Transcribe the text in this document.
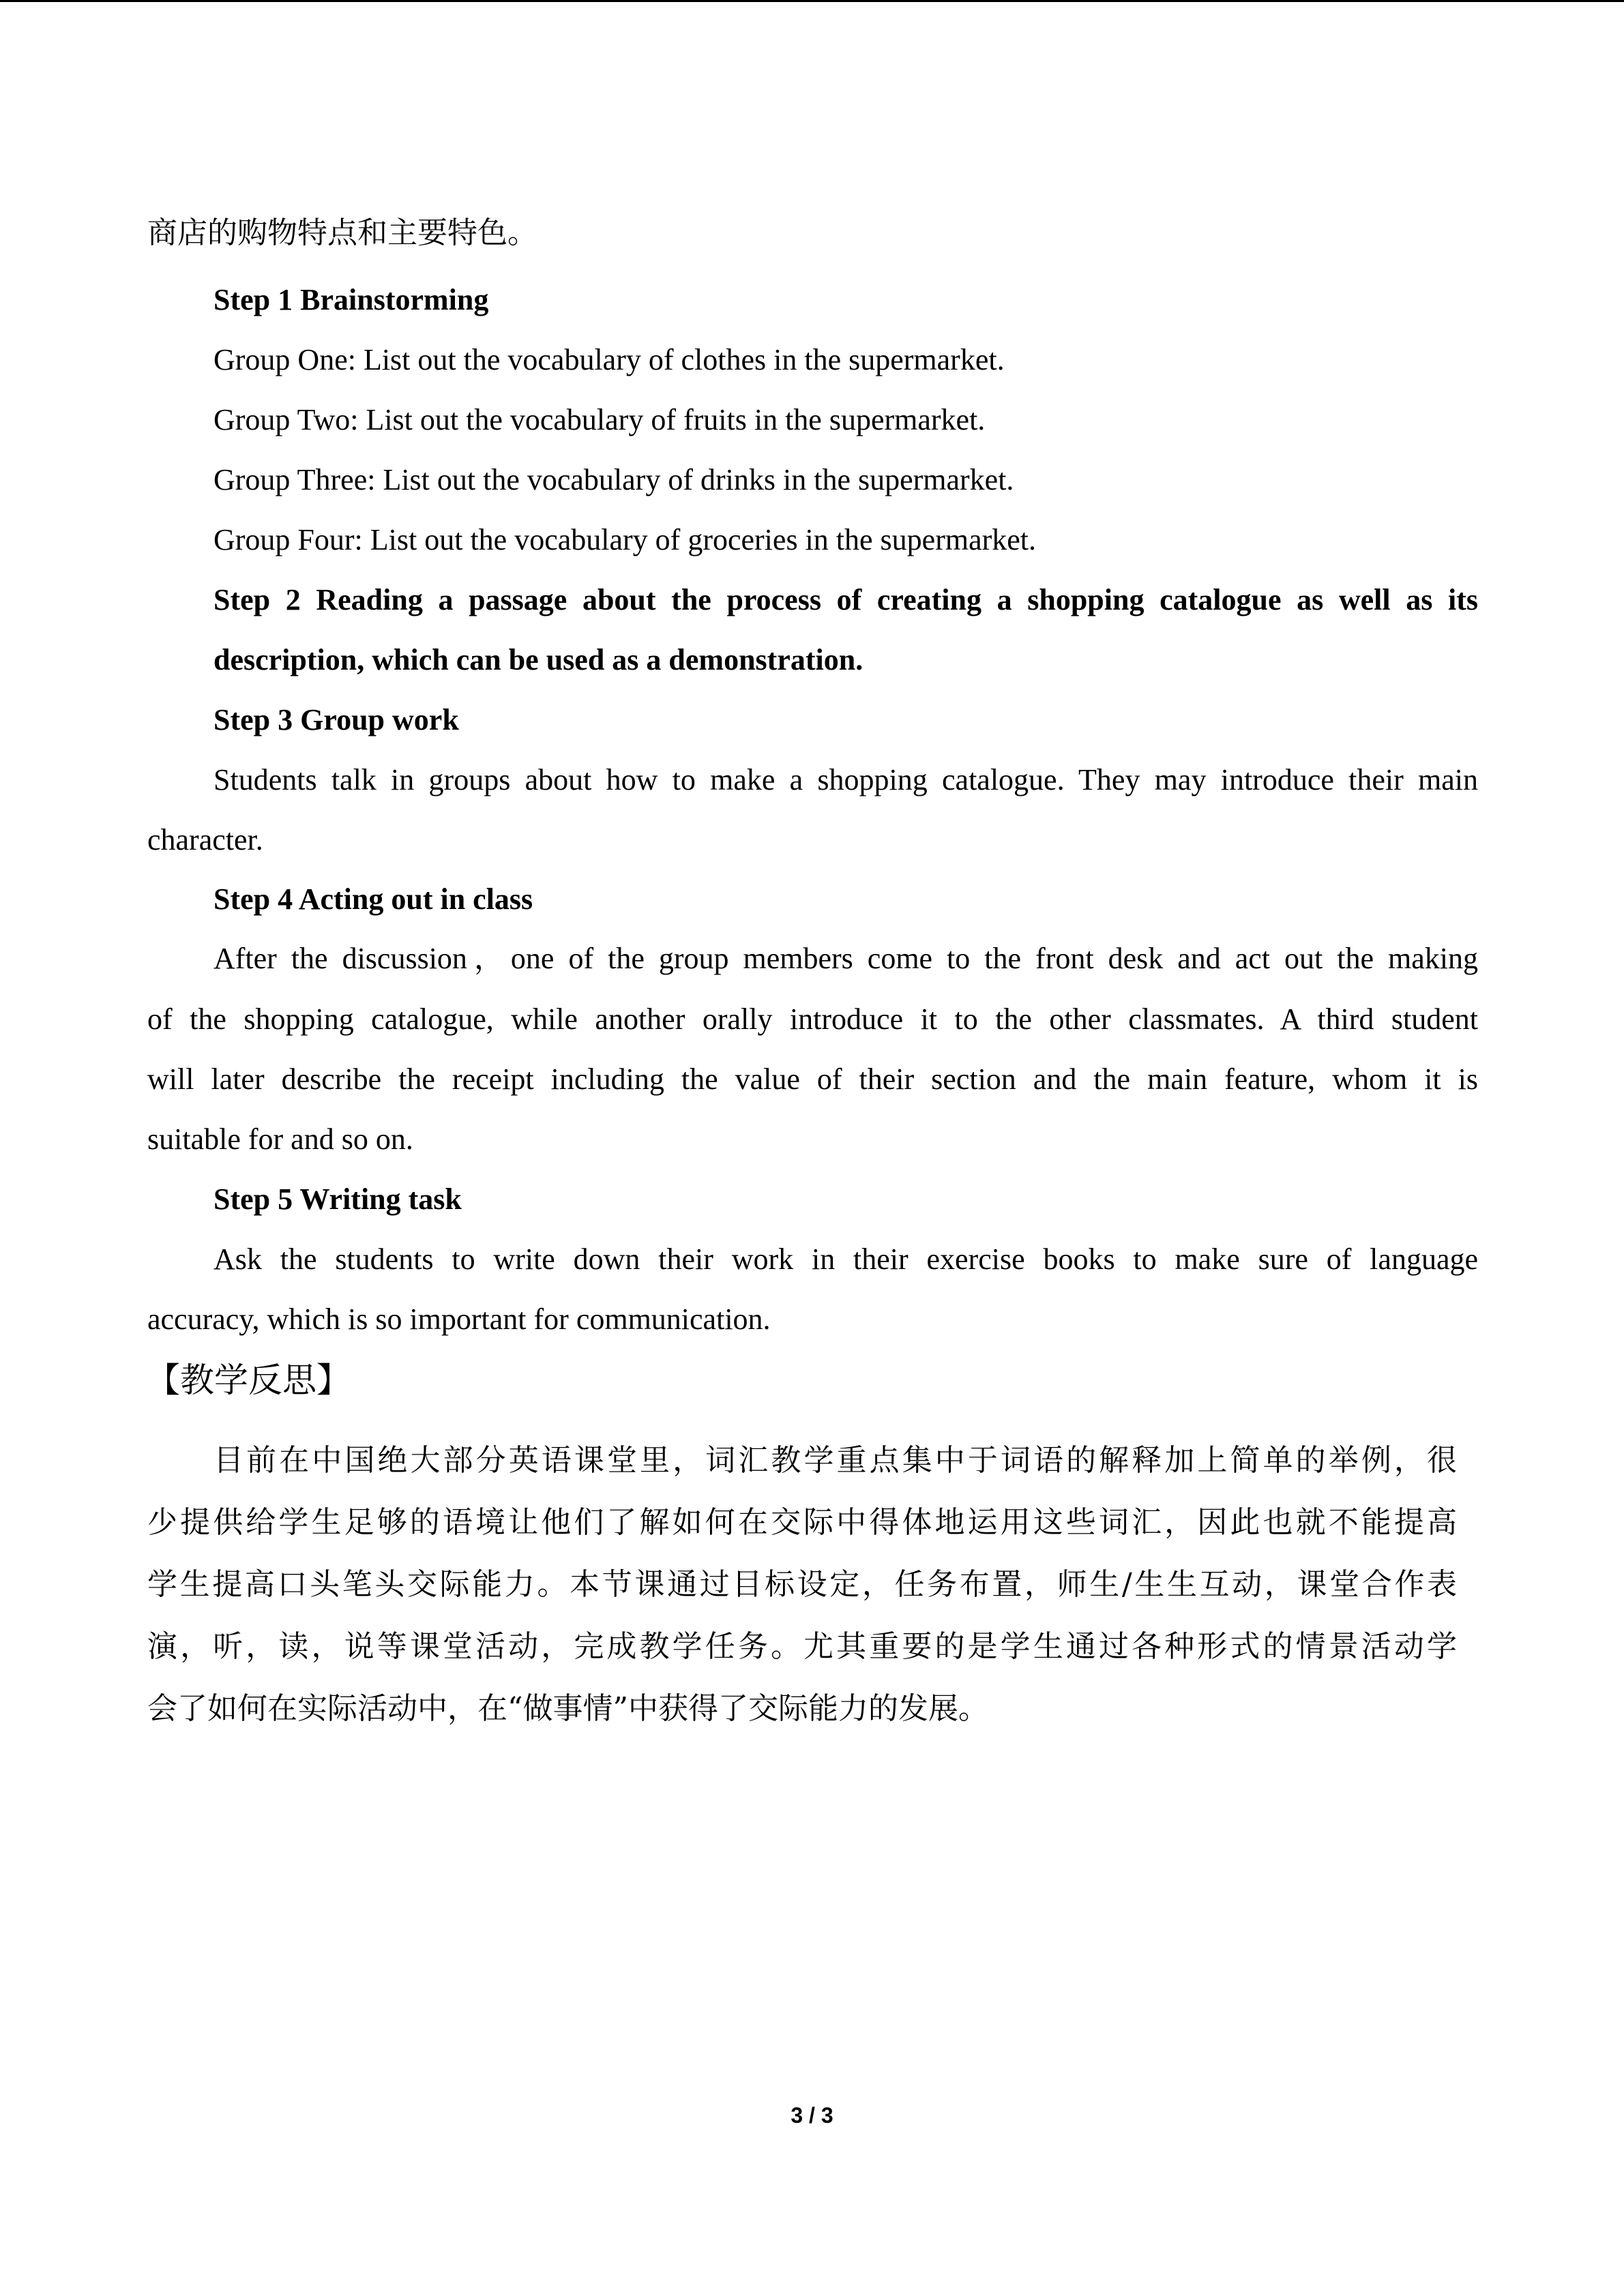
商店的购物特点和主要特色。
Step 1 Brainstorming
Group One: List out the vocabulary of clothes in the supermarket.
Group Two: List out the vocabulary of fruits in the supermarket.
Group Three: List out the vocabulary of drinks in the supermarket.
Group Four: List out the vocabulary of groceries in the supermarket.
Step 2 Reading a passage about the process of creating a shopping catalogue as well as its
description, which can be used as a demonstration.
Step 3 Group work
Students talk in groups about how to make a shopping catalogue. They may introduce their main
character.
Step 4 Acting out in class
After the discussion，one of the group members come to the front desk and act out the making
of the shopping catalogue, while another orally introduce it to the other classmates. A third student
will later describe the receipt including the value of their section and the main feature, whom it is
suitable for and so on.
Step 5 Writing task
Ask the students to write down their work in their exercise books to make sure of language
accuracy, which is so important for communication.
【教学反思】
目前在中国绝大部分英语课堂里，词汇教学重点集中于词语的解释加上简单的举例，很
少提供给学生足够的语境让他们了解如何在交际中得体地运用这些词汇，因此也就不能提高
学生提高口头笔头交际能力。本节课通过目标设定，任务布置，师生/生生互动，课堂合作表
演，听，读，说等课堂活动，完成教学任务。尤其重要的是学生通过各种形式的情景活动学
会了如何在实际活动中，在“做事情”中获得了交际能力的发展。
3 / 3
